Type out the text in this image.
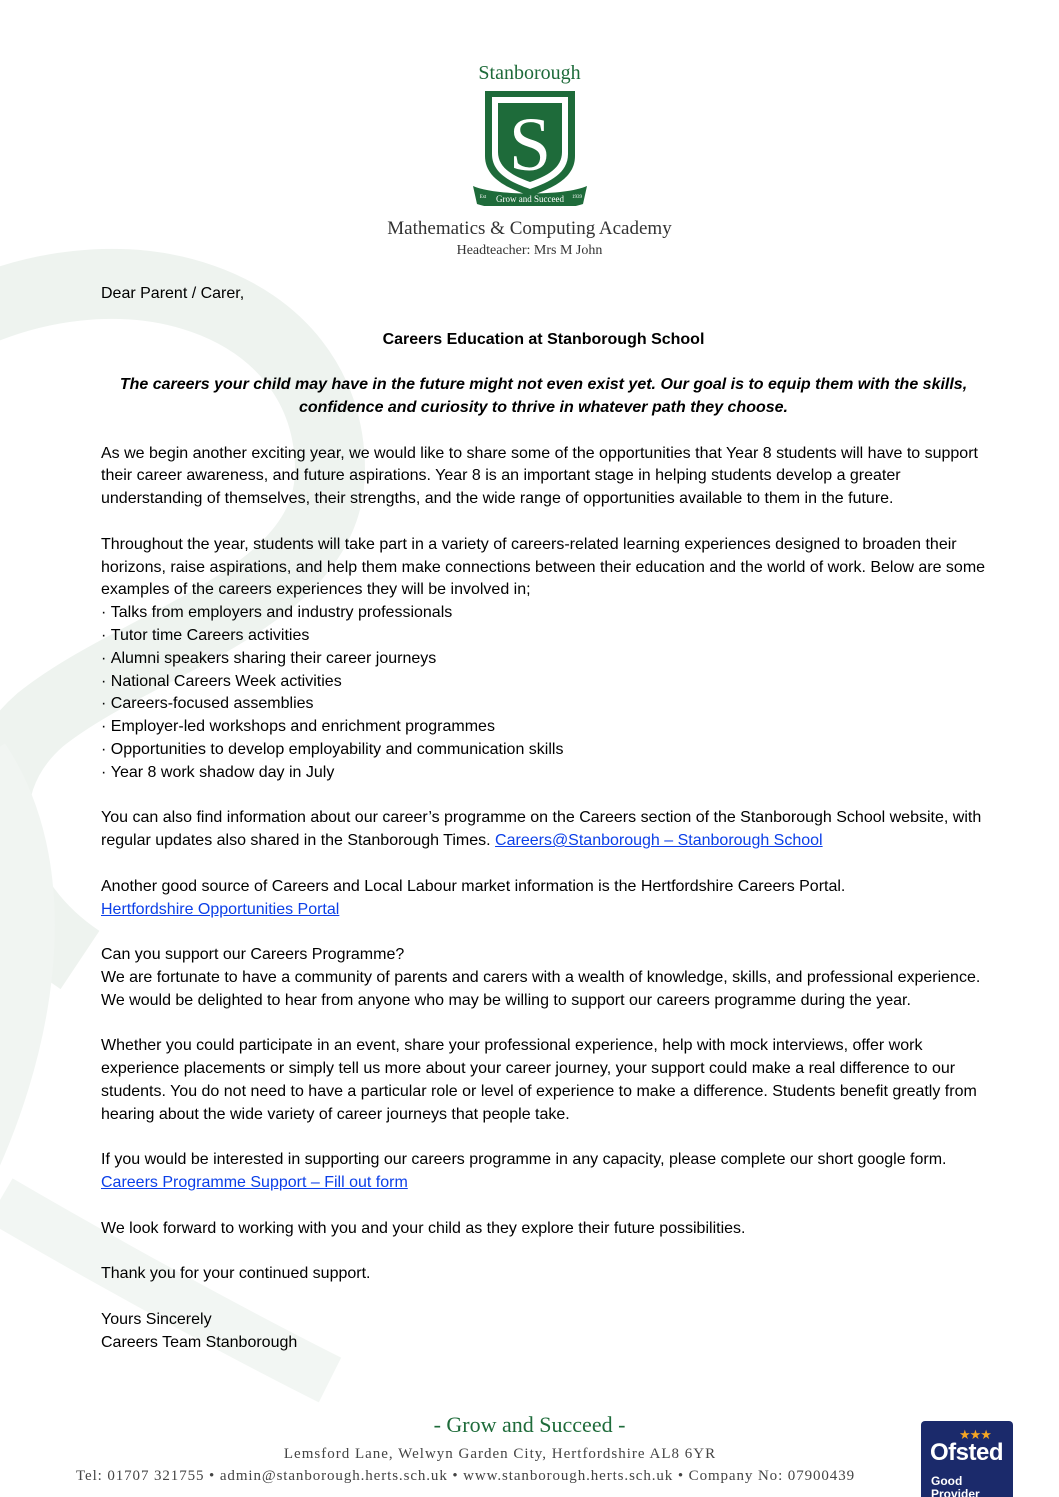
Stanborough
S
Grow and Succeed
Est	1939
Mathematics & Computing Academy
Headteacher: Mrs M John

Dear Parent / Carer,

Careers Education at Stanborough School

The careers your child may have in the future might not even exist yet. Our goal is to equip them with the skills, confidence and curiosity to thrive in whatever path they choose.

As we begin another exciting year, we would like to share some of the opportunities that Year 8 students will have to support their career awareness, and future aspirations. Year 8 is an important stage in helping students develop a greater understanding of themselves, their strengths, and the wide range of opportunities available to them in the future.

Throughout the year, students will take part in a variety of careers-related learning experiences designed to broaden their horizons, raise aspirations, and help them make connections between their education and the world of work. Below are some examples of the careers experiences they will be involved in;

· Talks from employers and industry professionals
· Tutor time Careers activities
· Alumni speakers sharing their career journeys
· National Careers Week activities
· Careers-focused assemblies
· Employer-led workshops and enrichment programmes
· Opportunities to develop employability and communication skills
· Year 8 work shadow day in July

You can also find information about our career’s programme on the Careers section of the Stanborough School website, with regular updates also shared in the Stanborough Times. Careers@Stanborough – Stanborough School

Another good source of Careers and Local Labour market information is the Hertfordshire Careers Portal.
Hertfordshire Opportunities Portal

Can you support our Careers Programme?
We are fortunate to have a community of parents and carers with a wealth of knowledge, skills, and professional experience. We would be delighted to hear from anyone who may be willing to support our careers programme during the year.

Whether you could participate in an event, share your professional experience, help with mock interviews, offer work experience placements or simply tell us more about your career journey, your support could make a real difference to our students. You do not need to have a particular role or level of experience to make a difference. Students benefit greatly from hearing about the wide variety of career journeys that people take.

If you would be interested in supporting our careers programme in any capacity, please complete our short google form. Careers Programme Support – Fill out form

We look forward to working with you and your child as they explore their future possibilities.

Thank you for your continued support.

Yours Sincerely
Careers Team Stanborough

- Grow and Succeed -
Lemsford Lane, Welwyn Garden City, Hertfordshire AL8 6YR
Tel: 01707 321755 • admin@stanborough.herts.sch.uk • www.stanborough.herts.sch.uk • Company No: 07900439
★★★
Ofsted
Good Provider
